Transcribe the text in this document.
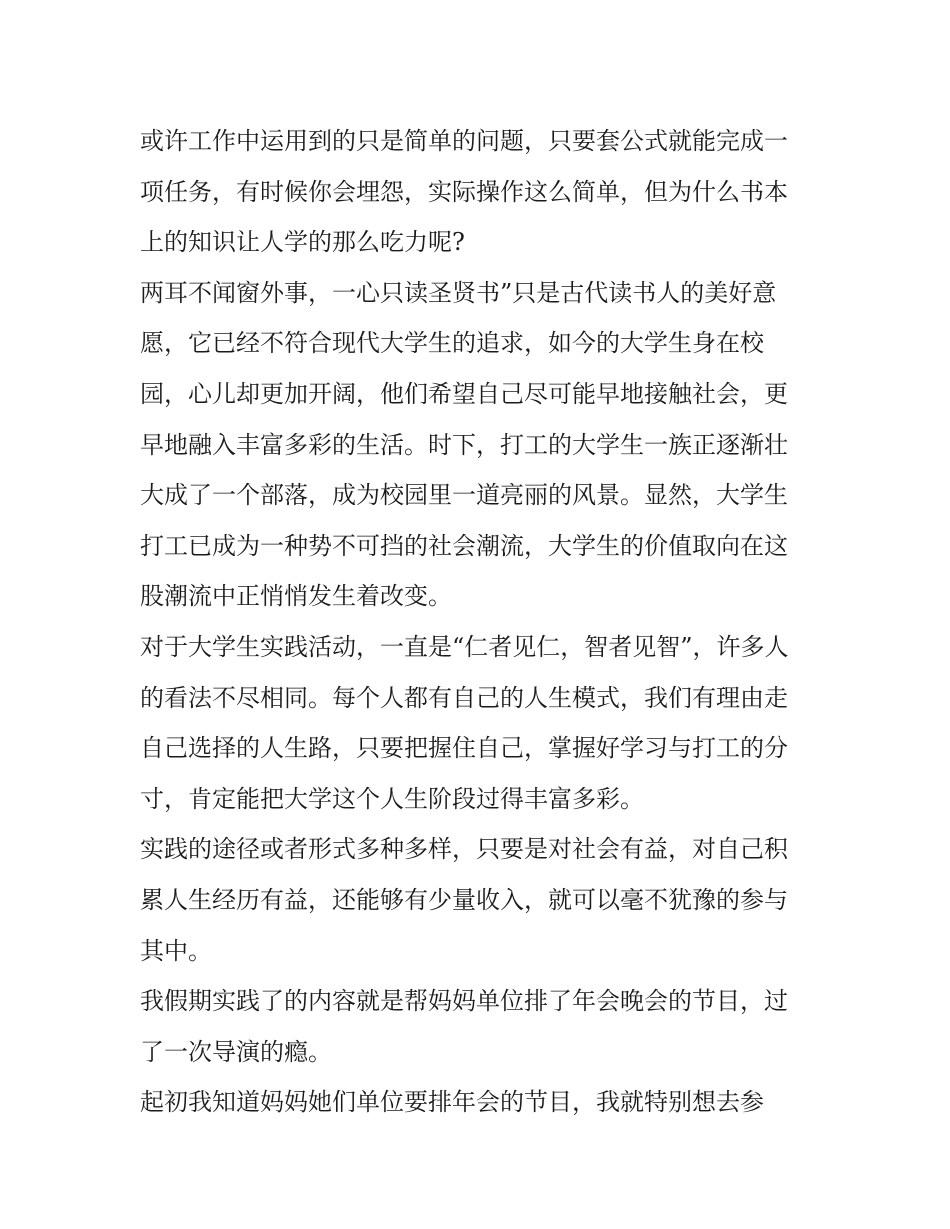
或许工作中运用到的只是简单的问题，只要套公式就能完成一
项任务，有时候你会埋怨，实际操作这么简单，但为什么书本
上的知识让人学的那么吃力呢?

两耳不闻窗外事，一心只读圣贤书”只是古代读书人的美好意
愿，它已经不符合现代大学生的追求，如今的大学生身在校
园，心儿却更加开阔，他们希望自己尽可能早地接触社会，更
早地融入丰富多彩的生活。时下，打工的大学生一族正逐渐壮
大成了一个部落，成为校园里一道亮丽的风景。显然，大学生
打工已成为一种势不可挡的社会潮流，大学生的价值取向在这
股潮流中正悄悄发生着改变。

对于大学生实践活动，一直是“仁者见仁，智者见智”，许多人
的看法不尽相同。每个人都有自己的人生模式，我们有理由走
自己选择的人生路，只要把握住自己，掌握好学习与打工的分
寸，肯定能把大学这个人生阶段过得丰富多彩。

实践的途径或者形式多种多样，只要是对社会有益，对自己积
累人生经历有益，还能够有少量收入，就可以毫不犹豫的参与
其中。

我假期实践了的内容就是帮妈妈单位排了年会晚会的节目，过
了一次导演的瘾。

起初我知道妈妈她们单位要排年会的节目，我就特别想去参
